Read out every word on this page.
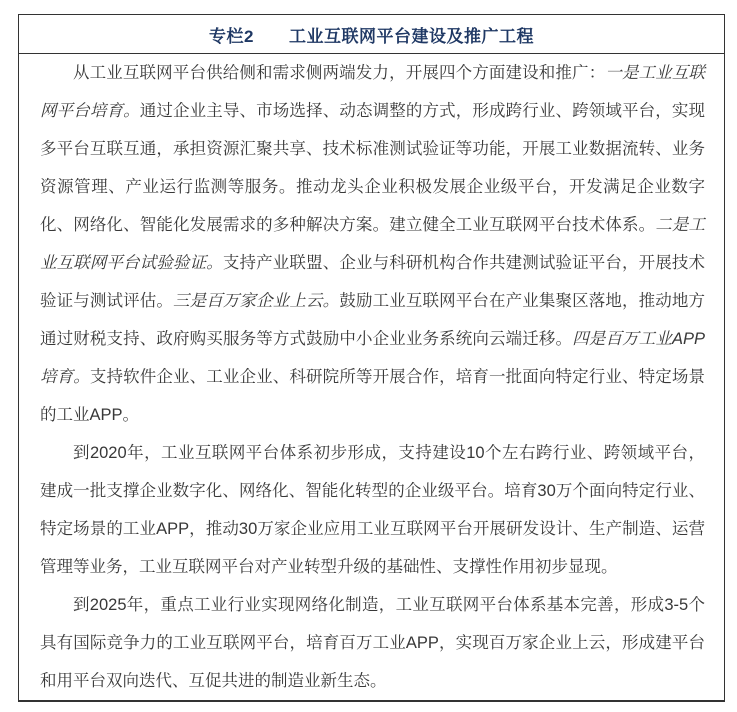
专栏2　　工业互联网平台建设及推广工程

从工业互联网平台供给侧和需求侧两端发力，开展四个方面建设和推广：一是工业互联网平台培育。通过企业主导、市场选择、动态调整的方式，形成跨行业、跨领域平台，实现多平台互联互通，承担资源汇聚共享、技术标准测试验证等功能，开展工业数据流转、业务资源管理、产业运行监测等服务。推动龙头企业积极发展企业级平台，开发满足企业数字化、网络化、智能化发展需求的多种解决方案。建立健全工业互联网平台技术体系。二是工业互联网平台试验验证。支持产业联盟、企业与科研机构合作共建测试验证平台，开展技术验证与测试评估。三是百万家企业上云。鼓励工业互联网平台在产业集聚区落地，推动地方通过财税支持、政府购买服务等方式鼓励中小企业业务系统向云端迁移。四是百万工业APP培育。支持软件企业、工业企业、科研院所等开展合作，培育一批面向特定行业、特定场景的工业APP。

到2020年，工业互联网平台体系初步形成，支持建设10个左右跨行业、跨领域平台，建成一批支撑企业数字化、网络化、智能化转型的企业级平台。培育30万个面向特定行业、特定场景的工业APP，推动30万家企业应用工业互联网平台开展研发设计、生产制造、运营管理等业务，工业互联网平台对产业转型升级的基础性、支撑性作用初步显现。

到2025年，重点工业行业实现网络化制造，工业互联网平台体系基本完善，形成3-5个具有国际竞争力的工业互联网平台，培育百万工业APP，实现百万家企业上云，形成建平台和用平台双向迭代、互促共进的制造业新生态。
